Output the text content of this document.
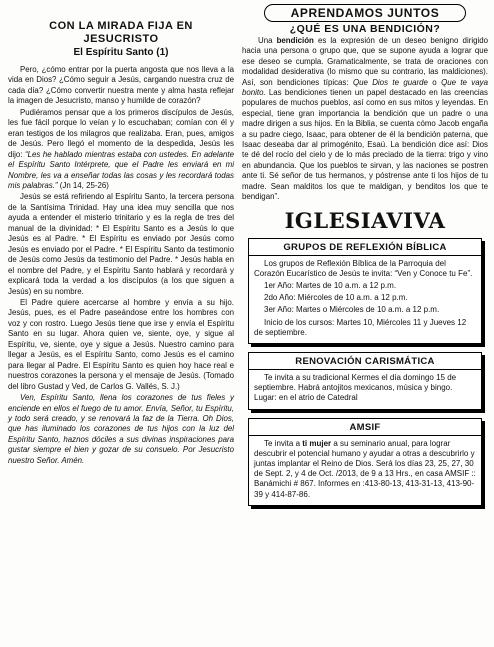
CON LA MIRADA FIJA EN
JESUCRISTO
El Espíritu Santo (1)

Pero, ¿cómo entrar por la puerta angosta que nos lleva a la vida en Dios? ¿Cómo seguir a Jesús, cargando nuestra cruz de cada día? ¿Cómo convertir nuestra mente y alma hasta reflejar la imagen de Jesucristo, manso y humilde de corazón?

Pudiéramos pensar que a los primeros discípulos de Jesús, les fue fácil porque lo veían y lo escuchaban; comían con él y eran testigos de los milagros que realizaba. Eran, pues, amigos de Jesús. Pero llegó el momento de la despedida, Jesús les dijo: “Les he hablado mientras estaba con ustedes. En adelante el Espíritu Santo Intérprete, que el Padre les enviará en mi Nombre, les va a enseñar todas las cosas y les recordará todas mis palabras.” (Jn 14, 25-26)

Jesús se está refiriendo al Espíritu Santo, la tercera persona de la Santísima Trinidad. Hay una idea muy sencilla que nos ayuda a entender el misterio trinitario y es la regla de tres del manual de la divinidad: * El Espíritu Santo es a Jesús lo que Jesús es al Padre. * El Espíritu es enviado por Jesús como Jesús es enviado por el Padre. * El Espíritu Santo da testimonio de Jesús como Jesús da testimonio del Padre. * Jesús habla en el nombre del Padre, y el Espíritu Santo hablará y recordará y explicará toda la verdad a los discípulos (a los que siguen a Jesús) en su nombre.

El Padre quiere acercarse al hombre y envía a su hijo. Jesús, pues, es el Padre paseándose entre los hombres con voz y con rostro. Luego Jesús tiene que irse y envía el Espíritu Santo en su lugar. Ahora quien ve, siente, oye, y sigue al Espíritu, ve, siente, oye y sigue a Jesús. Nuestro camino para llegar a Jesús, es el Espíritu Santo, como Jesús es el camino para llegar al Padre. El Espíritu Santo es quien hoy hace real e nuestros corazones la persona y el mensaje de Jesús. (Tomado del libro Gustad y Ved, de Carlos G. Vallés, S. J.)

Ven, Espíritu Santo, llena los corazones de tus fieles y enciende en ellos el fuego de tu amor. Envía, Señor, tu Espíritu, y todo será creado, y se renovará la faz de la Tierra. Oh Dios, que has iluminado los corazones de tus hijos con la luz del Espíritu Santo, haznos dóciles a sus divinas inspiraciones para gustar siempre el bien y gozar de su consuelo. Por Jesucristo nuestro Señor. Amén.

APRENDAMOS JUNTOS
¿QUÉ ES UNA BENDICIÓN?

Una bendición es la expresión de un deseo benigno dirigido hacia una persona o grupo que, que se supone ayuda a lograr que ese deseo se cumpla. Gramaticalmente, se trata de oraciones con modalidad desiderativa (lo mismo que su contrario, las maldiciones). Así, son bendiciones típicas: Que Dios te guarde o Que te vaya bonito. Las bendiciones tienen un papel destacado en las creencias populares de muchos pueblos, así como en sus mitos y leyendas. En especial, tiene gran importancia la bendición que un padre o una madre dirigen a sus hijos. En la Biblia, se cuenta cómo Jacob engaña a su padre ciego, Isaac, para obtener de él la bendición paterna, que Isaac deseaba dar al primogénito, Esaú. La bendición dice así: Dios te dé del rocío del cielo y de lo más preciado de la tierra: trigo y vino en abundancia. Que los pueblos te sirvan, y las naciones se postren ante ti. Sé señor de tus hermanos, y póstrense ante ti los hijos de tu madre. Sean malditos los que te maldigan, y benditos los que te bendigan”.

IGLESIAVIVA
GRUPOS DE REFLEXIÓN BÍBLICA

Los grupos de Reflexión Bíblica de la Parroquia del Corazón Eucarístico de Jesús te invita: “Ven y Conoce tu Fe”.

1er Año: Martes de 10 a.m. a 12 p.m.

2do Año: Miércoles de 10 a.m. a 12 p.m.

3er Año: Martes o Miércoles de 10 a.m. a 12 p.m.

Inicio de los cursos: Martes 10, Miércoles 11 y Jueves 12 de septiembre.

RENOVACIÓN CARISMÁTICA

Te invita a su tradicional Kermes el día domingo 15 de septiembre. Habrá antojitos mexicanos, música y bingo. Lugar: en el atrio de Catedral

AMSIF

Te invita a ti mujer a su seminario anual, para lograr descubrir el potencial humano y ayudar a otras a descubrirlo y juntas implantar el Reino de Dios. Será los días 23, 25, 27, 30 de Sept. 2, y 4 de Oct. /2013, de 9 a 13 Hrs., en casa AMSIF :: Banámichi # 867. Informes en :413-80-13, 413-31-13, 413-90-39 y 414-87-86.
